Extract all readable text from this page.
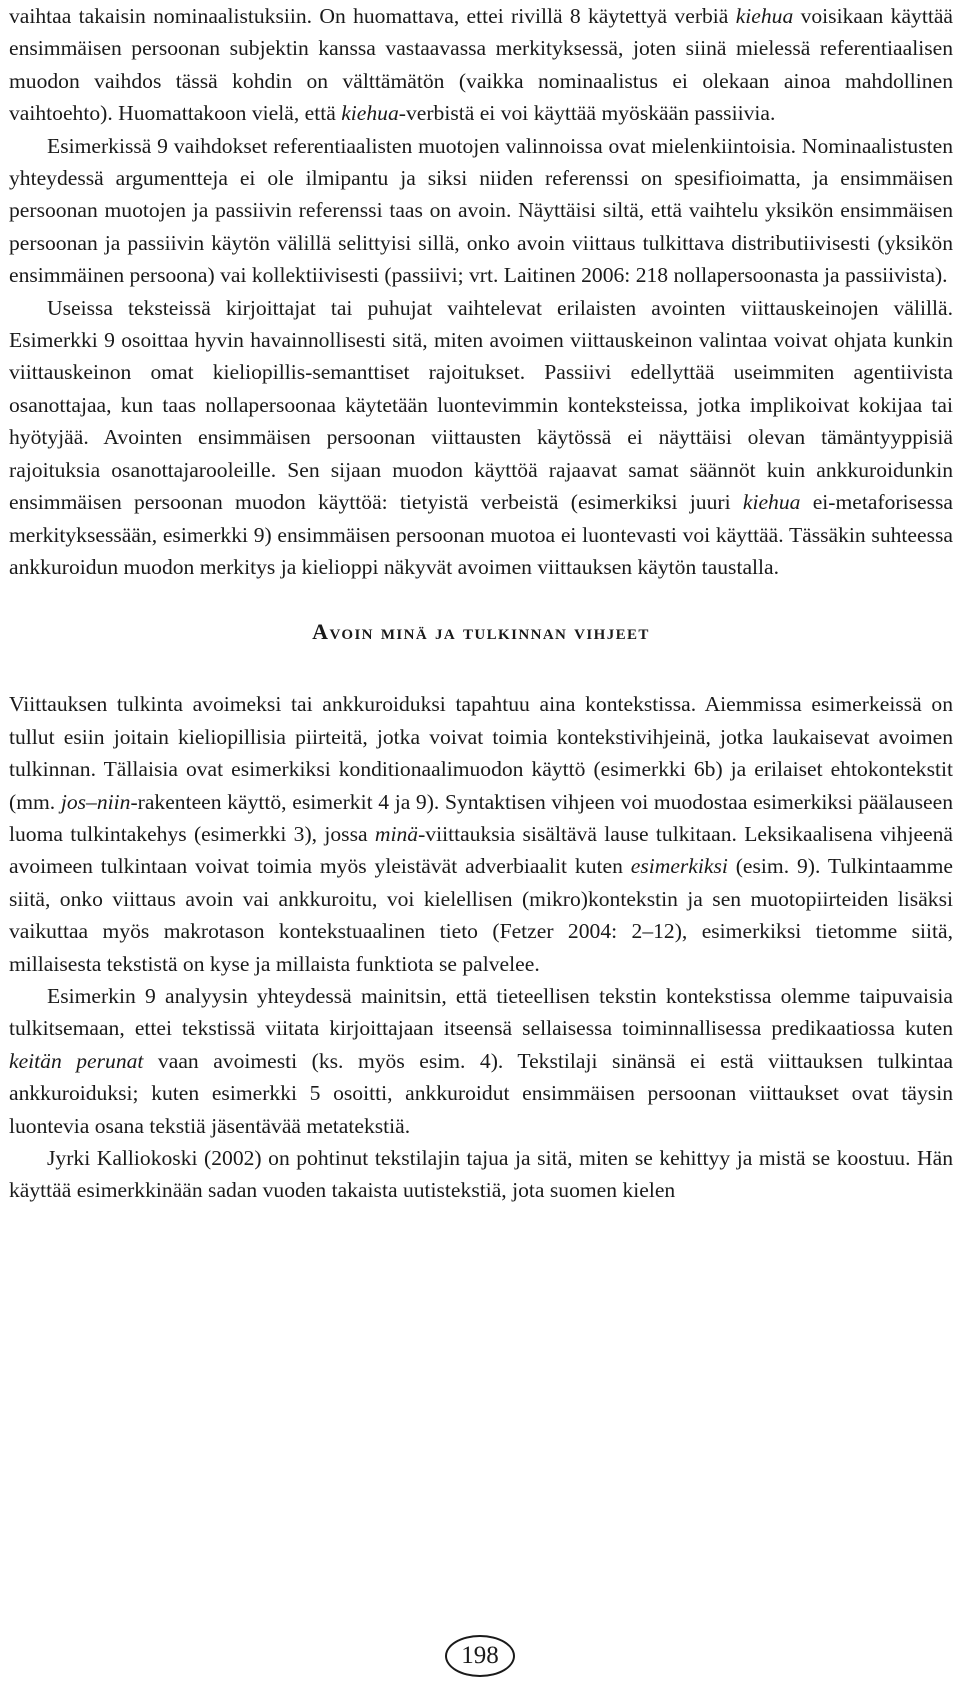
vaihtaa takaisin nominaalistuksiin. On huomattava, ettei rivillä 8 käytettyä verbiä kiehua voisikaan käyttää ensimmäisen persoonan subjektin kanssa vastaavassa merkityksessä, joten siinä mielessä referentiaalisen muodon vaihdos tässä kohdin on välttämätön (vaikka nominaalistus ei olekaan ainoa mahdollinen vaihtoehto). Huomattakoon vielä, että kiehua-verbistä ei voi käyttää myöskään passiivia.

Esimerkissä 9 vaihdokset referentiaalisten muotojen valinnoissa ovat mielenkiintoisia. Nominaalistusten yhteydessä argumentteja ei ole ilmipantu ja siksi niiden referenssi on spesifioimatta, ja ensimmäisen persoonan muotojen ja passiivin referenssi taas on avoin. Näyttäisi siltä, että vaihtelu yksikön ensimmäisen persoonan ja passiivin käytön välillä selittyisi sillä, onko avoin viittaus tulkittava distributiivisesti (yksikön ensimmäinen persoona) vai kollektiivisesti (passiivi; vrt. Laitinen 2006: 218 nollapersoonasta ja passiivista).

Useissa teksteissä kirjoittajat tai puhujat vaihtelevat erilaisten avointen viittauskeinojen välillä. Esimerkki 9 osoittaa hyvin havainnollisesti sitä, miten avoimen viittauskeinon valintaa voivat ohjata kunkin viittauskeinon omat kieliopillis-semanttiset rajoitukset. Passiivi edellyttää useimmiten agentiivista osanottajaa, kun taas nollapersoonaa käytetään luontevimmin konteksteissa, jotka implikoivat kokijaa tai hyötyjää. Avointen ensimmäisen persoonan viittausten käytössä ei näyttäisi olevan tämäntyyppisiä rajoituksia osanottajarooleille. Sen sijaan muodon käyttöä rajaavat samat säännöt kuin ankkuroidunkin ensimmäisen persoonan muodon käyttöä: tietyistä verbeistä (esimerkiksi juuri kiehua ei-metaforisessa merkityksessään, esimerkki 9) ensimmäisen persoonan muotoa ei luontevasti voi käyttää. Tässäkin suhteessa ankkuroidun muodon merkitys ja kielioppi näkyvät avoimen viittauksen käytön taustalla.

Avoin minä ja tulkinnan vihjeet

Viittauksen tulkinta avoimeksi tai ankkuroiduksi tapahtuu aina kontekstissa. Aiemmissa esimerkeissä on tullut esiin joitain kieliopillisia piirteitä, jotka voivat toimia kontekstivihjeinä, jotka laukaisevat avoimen tulkinnan. Tällaisia ovat esimerkiksi konditionaalimuodon käyttö (esimerkki 6b) ja erilaiset ehtokontekstit (mm. jos–niin-rakenteen käyttö, esimerkit 4 ja 9). Syntaktisen vihjeen voi muodostaa esimerkiksi päälauseen luoma tulkintakehys (esimerkki 3), jossa minä-viittauksia sisältävä lause tulkitaan. Leksikaalisena vihjeenä avoimeen tulkintaan voivat toimia myös yleistävät adverbiaalit kuten esimerkiksi (esim. 9). Tulkintaamme siitä, onko viittaus avoin vai ankkuroitu, voi kielellisen (mikro)kontekstin ja sen muotopiirteiden lisäksi vaikuttaa myös makrotason kontekstuaalinen tieto (Fetzer 2004: 2–12), esimerkiksi tietomme siitä, millaisesta tekstistä on kyse ja millaista funktiota se palvelee.

Esimerkin 9 analyysin yhteydessä mainitsin, että tieteellisen tekstin kontekstissa olemme taipuvaisia tulkitsemaan, ettei tekstissä viitata kirjoittajaan itseensä sellaisessa toiminnallisessa predikaatiossa kuten keitän perunat vaan avoimesti (ks. myös esim. 4). Tekstilaji sinänsä ei estä viittauksen tulkintaa ankkuroiduksi; kuten esimerkki 5 osoitti, ankkuroidut ensimmäisen persoonan viittaukset ovat täysin luontevia osana tekstiä jäsentävää metatekstiä.

Jyrki Kalliokoski (2002) on pohtinut tekstilajin tajua ja sitä, miten se kehittyy ja mistä se koostuu. Hän käyttää esimerkkinään sadan vuoden takaista uutistekstiä, jota suomen kielen

198
